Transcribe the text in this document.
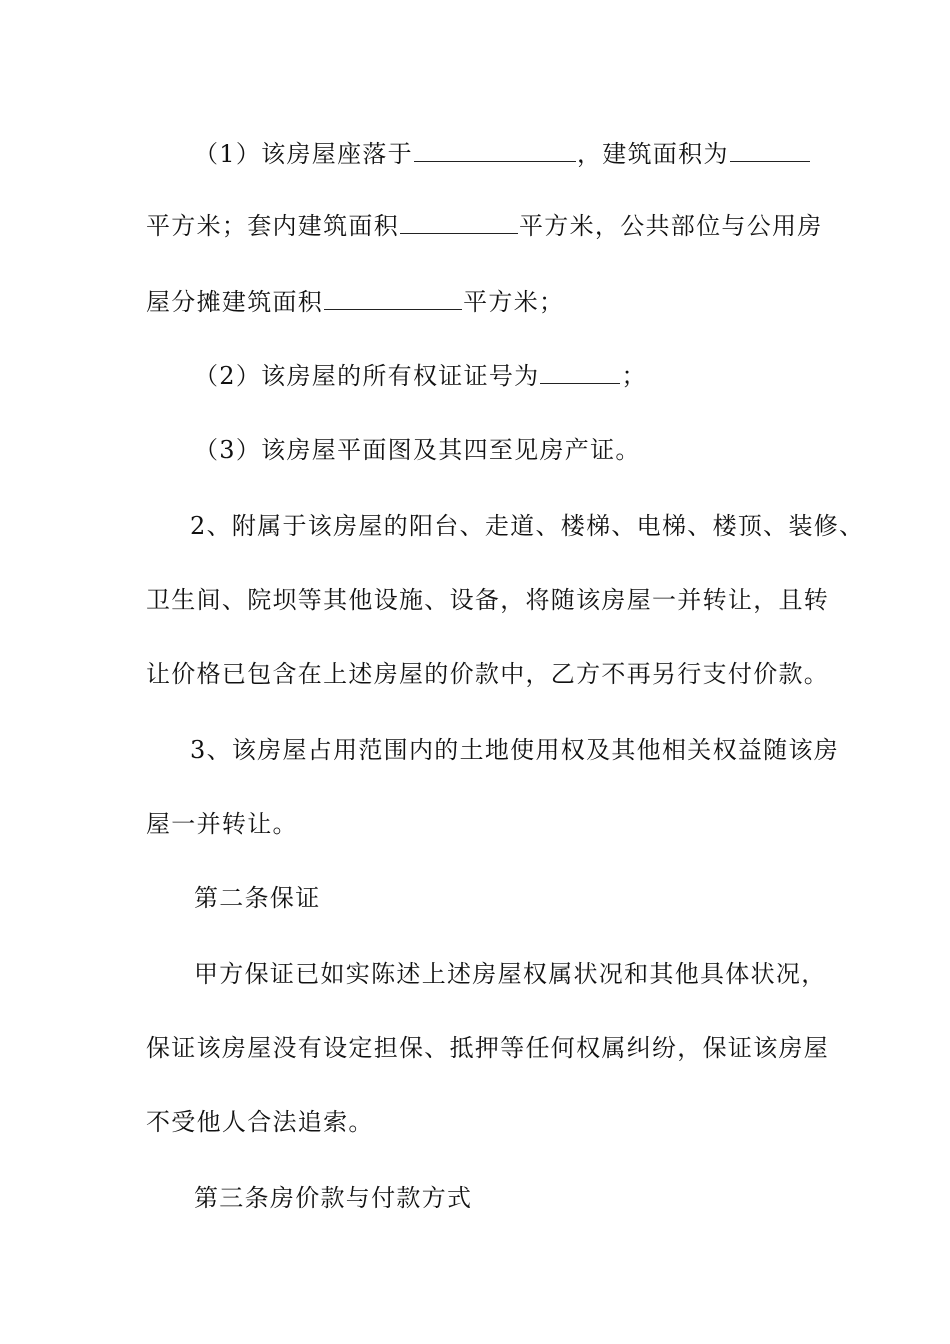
（1）该房屋座落于	，建筑面积为
平方米；套内建筑面积	平方米，公共部位与公用房
屋分摊建筑面积	平方米；
（2）该房屋的所有权证证号为	；
（3）该房屋平面图及其四至见房产证。
2、附属于该房屋的阳台、走道、楼梯、电梯、楼顶、装修、
卫生间、院坝等其他设施、设备，将随该房屋一并转让，且转
让价格已包含在上述房屋的价款中，乙方不再另行支付价款。
3、该房屋占用范围内的土地使用权及其他相关权益随该房
屋一并转让。
第二条保证
甲方保证已如实陈述上述房屋权属状况和其他具体状况，
保证该房屋没有设定担保、抵押等任何权属纠纷，保证该房屋
不受他人合法追索。
第三条房价款与付款方式
